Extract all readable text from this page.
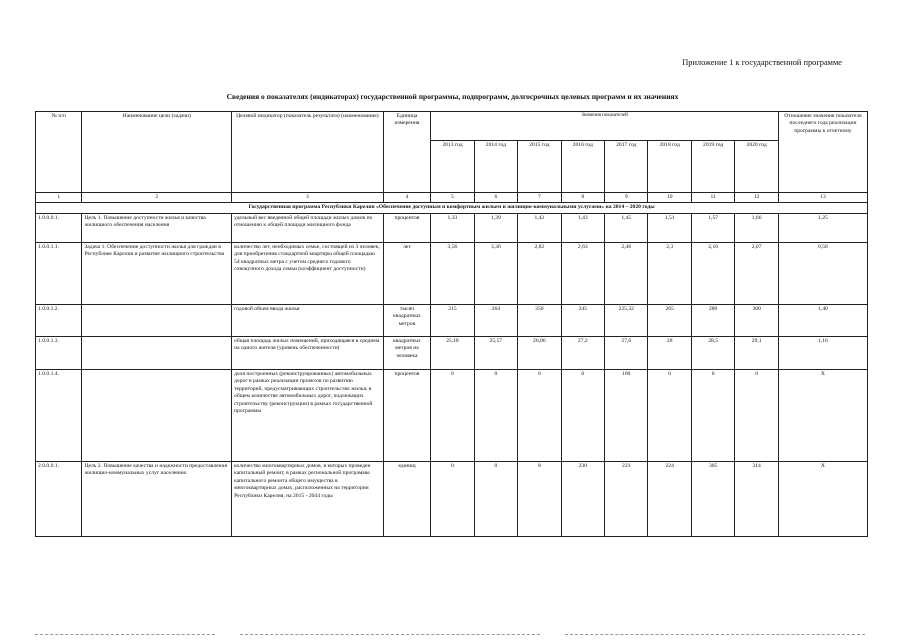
Приложение 1 к государственной программе
Сведения о показателях (индикаторах) государственной программы, подпрограмм, долгосрочных целевых программ и их значениях
№ п/п	Наименование цели (задачи)	Целевой индикатор (показатель результата) (наименование)	Единица измерения	Значения показателей								Отношение значения показателя последнего года реализации программы к отчетному
				2013 год	2014 год	2015 год	2016 год	2017 год	2018 год	2019 год	2020 год	
1	2	3	4	5	6	7	8	9	10	11	12	13
Государственная программа Республики Карелия «Обеспечение доступным и комфортным жильем и жилищно-коммунальными услугами» на 2014 – 2020 годы												
1.0.0.0.1.	Цель 1. Повышение доступности жилья и качества жилищного обеспечения населения	удельный вес введенной общей площади жилых домов по отношению к общей площади жилищного фонда	процентов	1,33	1,39	1,42	1,43	1,45	1,51	1,57	1,66	1,25
1.0.0.1.1.	Задача 1. Обеспечение доступности жилья для граждан в Республике Карелия и развитие жилищного строительства	количество лет, необходимых семье, состоящей из 3 человек, для приобретения стандартной квартиры общей площадью 54 квадратных метра с учетом среднего годового совокупного дохода семьи (коэффициент доступности)	лет	3,56	3,36	2,82	2,63	2,46	2,3	2,16	2,07	0,58
1.0.0.1.2.		годовой объем ввода жилья	тысяч квадратных метров	215	264	350	245	225,32	265	280	300	1,40
1.0.0.1.3.		общая площадь жилых помещений, приходящаяся в среднем на одного жителя (уровень обеспеченности)	квадратных метров на человека	25,18	25,57	26,06	27,2	27,6	28	28,5	29,1	1,16
1.0.0.1.4.		доля построенных (реконструированных) автомобильных дорог в рамках реализации проектов по развитию территорий, предусматривающих строительство жилья, в общем количестве автомобильных дорог, подлежащих строительству (реконструкции) в рамках государственной программы	процентов	0	0	0	0	100	0	0	0	Х
2.0.0.0.1.	Цель 2. Повышение качества и надежности предоставления жилищно-коммунальных услуг населению	количество многоквартирных домов, в которых проведен капитальный ремонт, в рамках региональной программы капитального ремонта общего имущества в многоквартирных домах, расположенных на территории Республики Карелия, на 2015 - 2044 годы	единиц	0	0	8	230	223	224	305	314	Х
